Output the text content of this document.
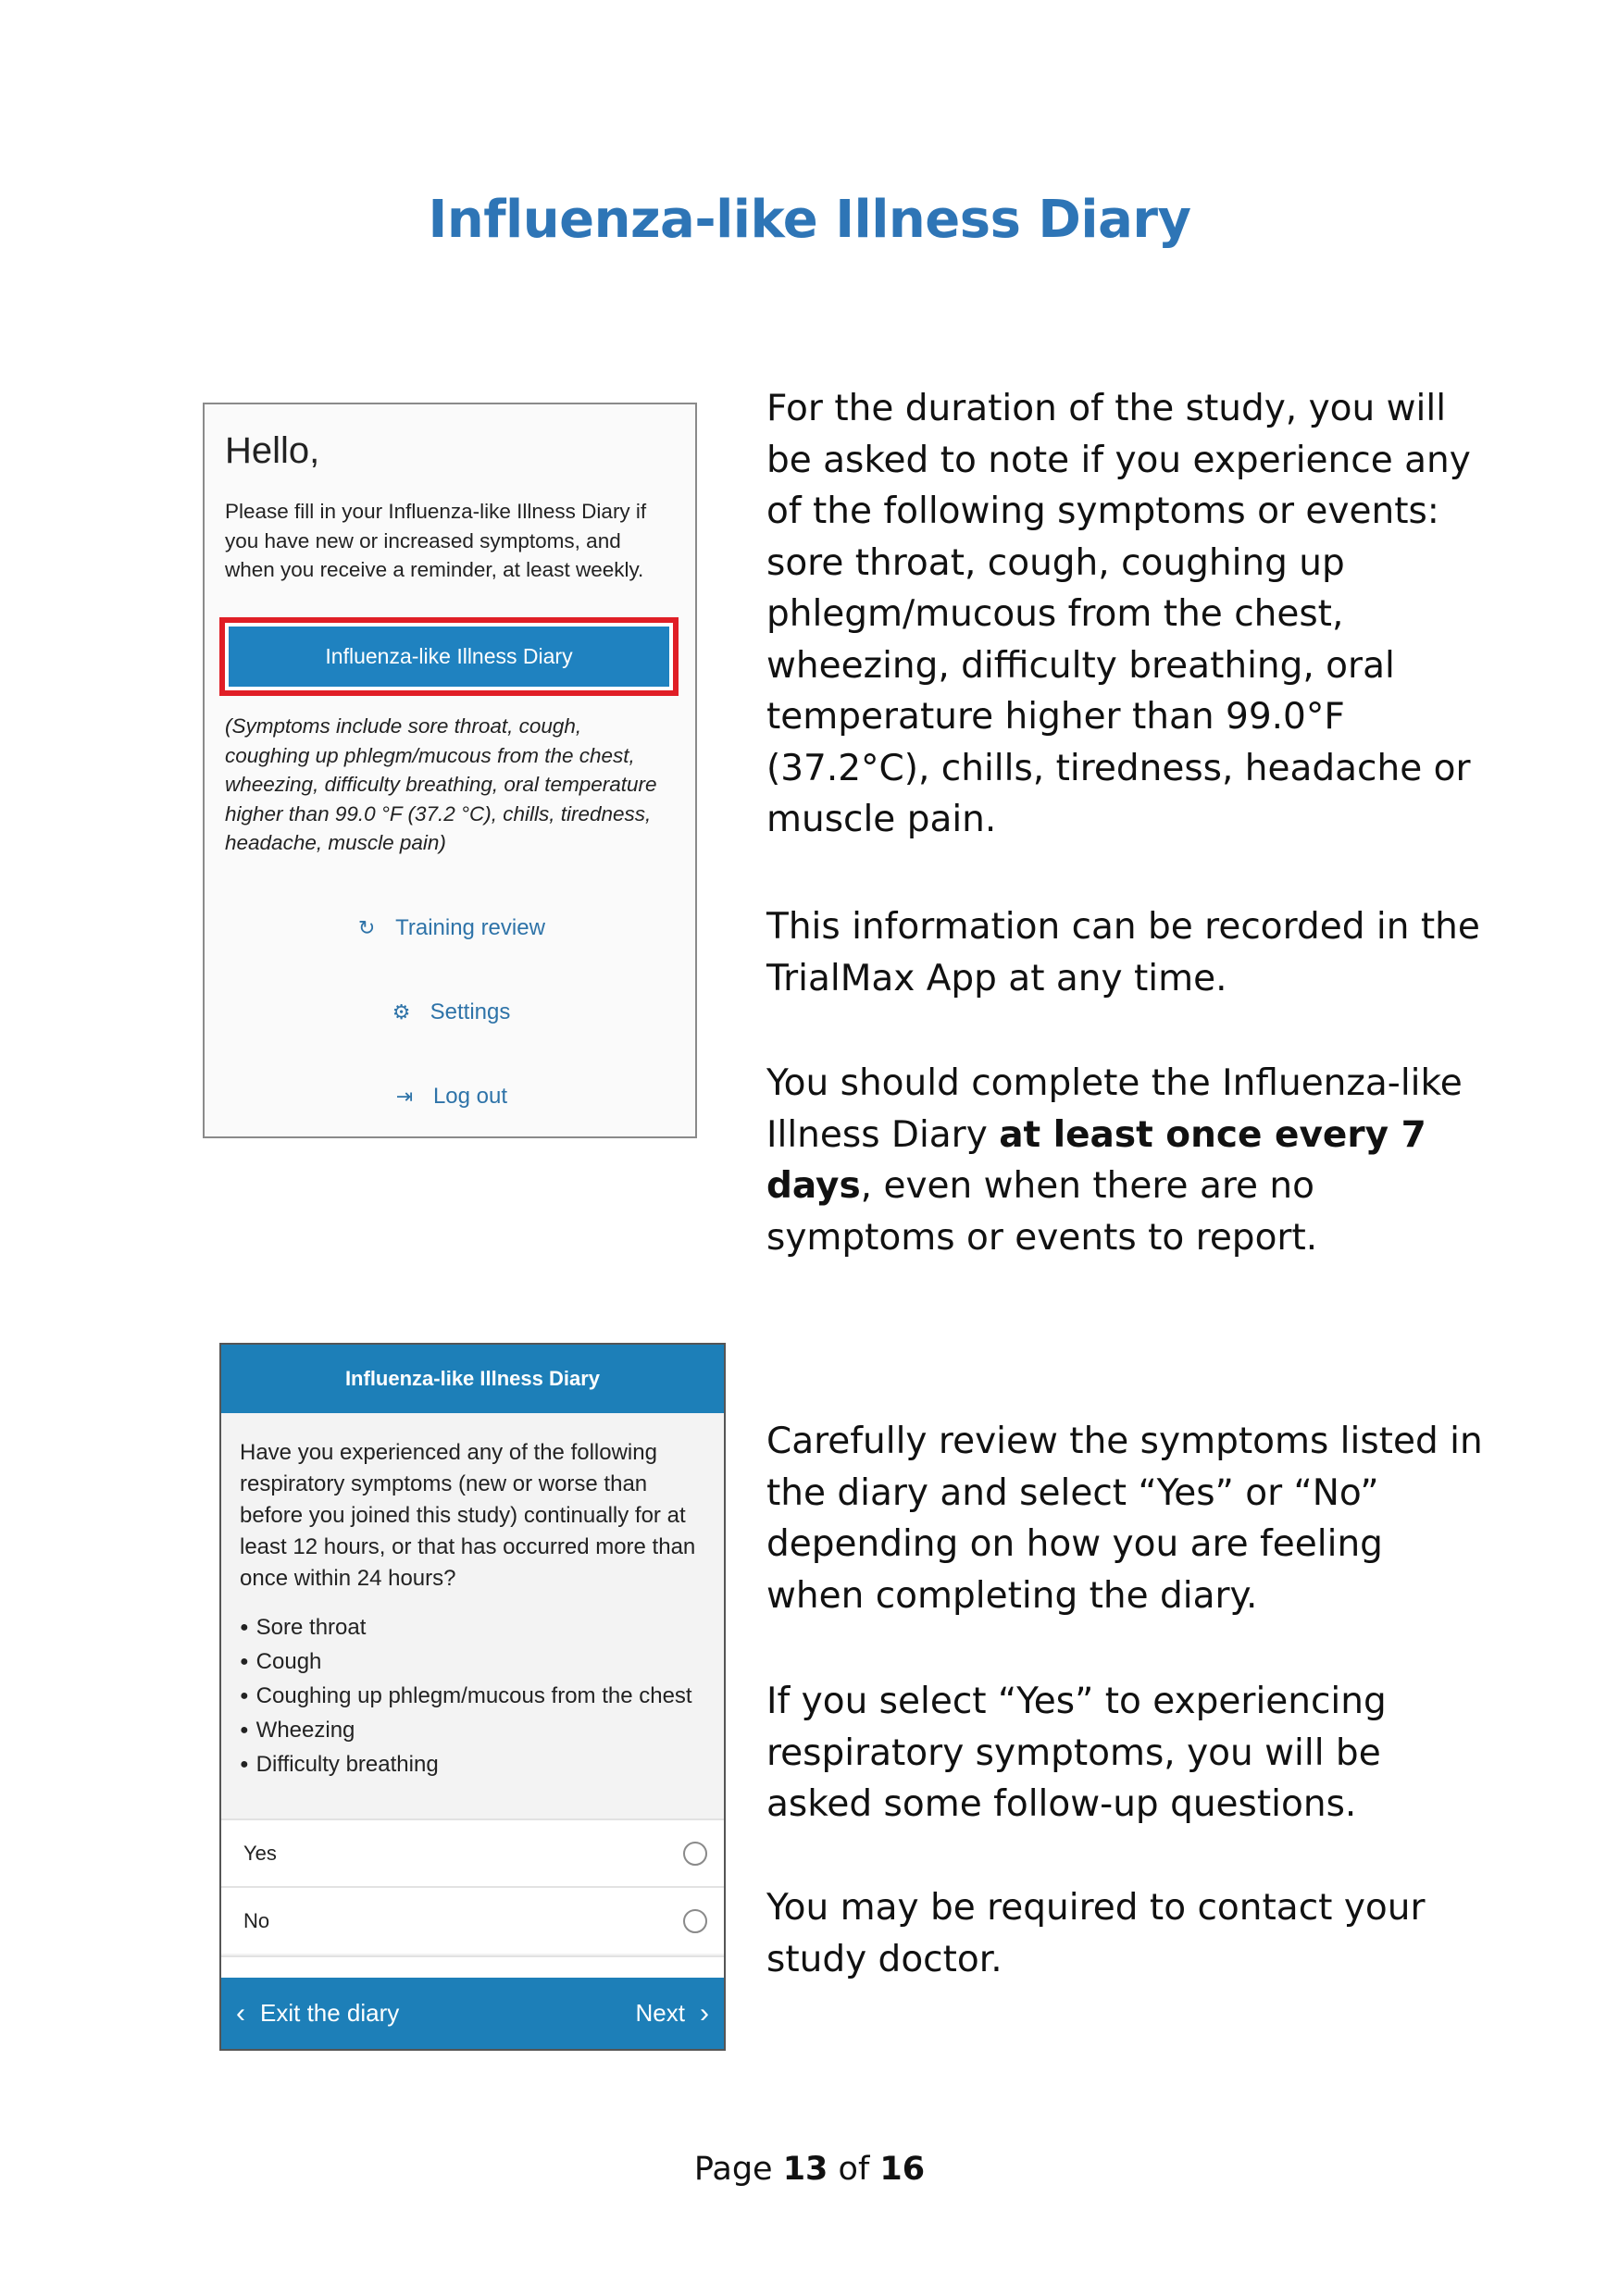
Influenza-like Illness Diary

For the duration of the study, you will be asked to note if you experience any of the following symptoms or events: sore throat, cough, coughing up phlegm/mucous from the chest, wheezing, difficulty breathing, oral temperature higher than 99.0°F (37.2°C), chills, tiredness, headache or muscle pain.

This information can be recorded in the TrialMax App at any time.

You should complete the Influenza-like Illness Diary at least once every 7 days, even when there are no symptoms or events to report.

Carefully review the symptoms listed in the diary and select “Yes” or “No” depending on how you are feeling when completing the diary.

If you select “Yes” to experiencing respiratory symptoms, you will be asked some follow-up questions.

You may be required to contact your study doctor.

Hello,
Please fill in your Influenza-like Illness Diary if you have new or increased symptoms, and when you receive a reminder, at least weekly.
Influenza-like Illness Diary
(Symptoms include sore throat, cough, coughing up phlegm/mucous from the chest, wheezing, difficulty breathing, oral temperature higher than 99.0 °F (37.2 °C), chills, tiredness, headache, muscle pain)
↻ Training review
⚙ Settings
⇥ Log out
Influenza-like Illness Diary
Have you experienced any of the following respiratory symptoms (new or worse than before you joined this study) continually for at least 12 hours, or that has occurred more than once within 24 hours?
● Sore throat
● Cough
● Coughing up phlegm/mucous from the chest
● Wheezing
● Difficulty breathing
Yes
No
‹ Exit the diary	Next ›
Page 13 of 16
